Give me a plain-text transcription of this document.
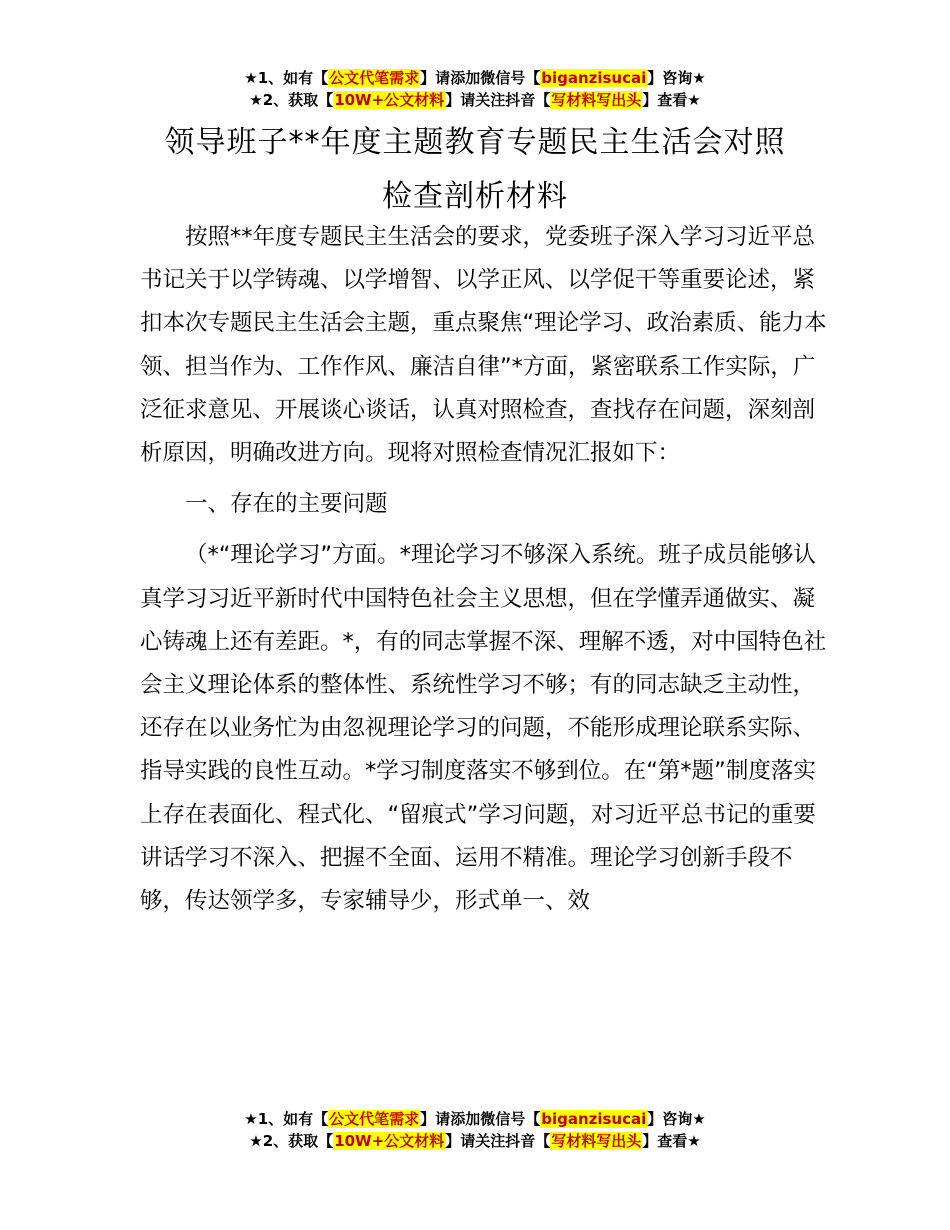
★1、如有【公文代笔需求】请添加微信号【biganzisucai】咨询★
★2、获取【10W+公文材料】请关注抖音【写材料写出头】查看★
领导班子**年度主题教育专题民主生活会对照
检查剖析材料

按照**年度专题民主生活会的要求，党委班子深入学习习近平总书记关于以学铸魂、以学增智、以学正风、以学促干等重要论述，紧扣本次专题民主生活会主题，重点聚焦“理论学习、政治素质、能力本领、担当作为、工作作风、廉洁自律”*方面，紧密联系工作实际，广泛征求意见、开展谈心谈话，认真对照检查，查找存在问题，深刻剖析原因，明确改进方向。现将对照检查情况汇报如下：

一、存在的主要问题

（*“理论学习”方面。*理论学习不够深入系统。班子成员能够认真学习习近平新时代中国特色社会主义思想，但在学懂弄通做实、凝心铸魂上还有差距。*，有的同志掌握不深、理解不透，对中国特色社会主义理论体系的整体性、系统性学习不够；有的同志缺乏主动性，还存在以业务忙为由忽视理论学习的问题，不能形成理论联系实际、指导实践的良性互动。*学习制度落实不够到位。在“第*题”制度落实上存在表面化、程式化、“留痕式”学习问题，对习近平总书记的重要讲话学习不深入、把握不全面、运用不精准。理论学习创新手段不够，传达领学多，专家辅导少，形式单一、效

★1、如有【公文代笔需求】请添加微信号【biganzisucai】咨询★
★2、获取【10W+公文材料】请关注抖音【写材料写出头】查看★
